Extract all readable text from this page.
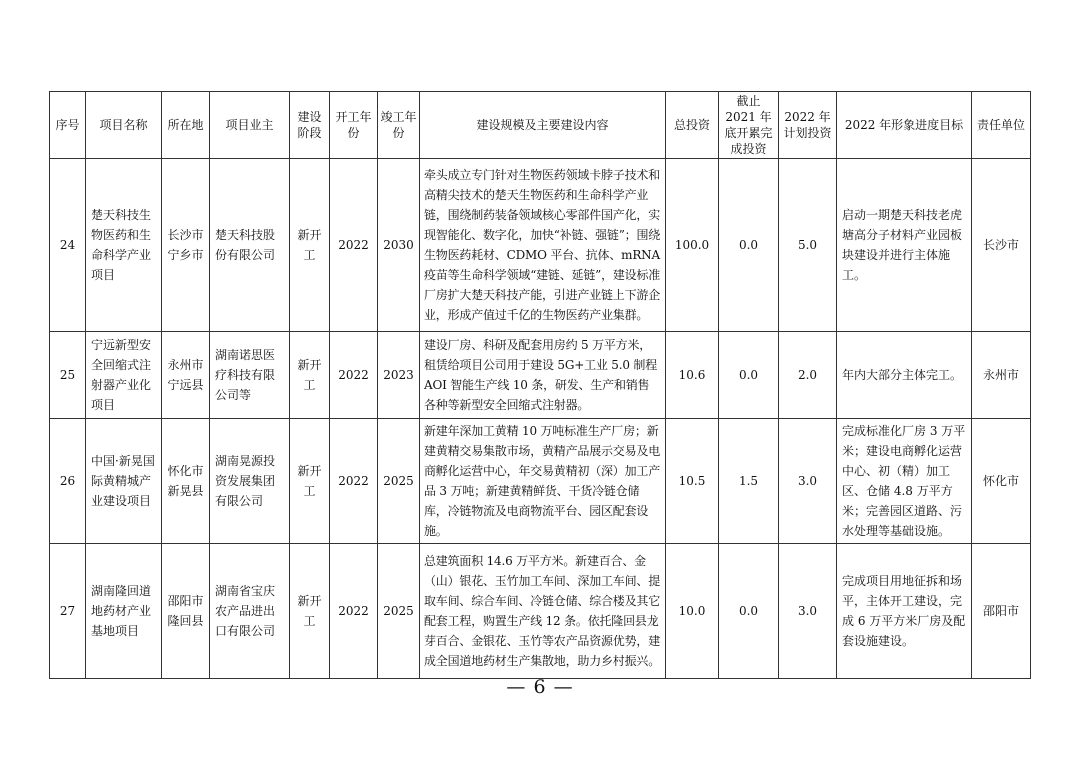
序号	项目名称	所在地	项目业主	建设阶段	开工年份	竣工年份	建设规模及主要建设内容	总投资	截止 2021 年底开累完成投资	2022 年计划投资	2022 年形象进度目标	责任单位
24	楚天科技生物医药和生命科学产业项目	长沙市宁乡市	楚天科技股份有限公司	新开工	2022	2030	牵头成立专门针对生物医药领域卡脖子技术和高精尖技术的楚天生物医药和生命科学产业链，围绕制药装备领域核心零部件国产化，实现智能化、数字化，加快“补链、强链”；围绕生物医药耗材、CDMO 平台、抗体、mRNA 疫苗等生命科学领域“建链、延链”，建设标准厂房扩大楚天科技产能，引进产业链上下游企业，形成产值过千亿的生物医药产业集群。	100.0	0.0	5.0	启动一期楚天科技老虎塘高分子材料产业园板块建设并进行主体施工。	长沙市
25	宁远新型安全回缩式注射器产业化项目	永州市宁远县	湖南诺思医疗科技有限公司等	新开工	2022	2023	建设厂房、科研及配套用房约 5 万平方米，租赁给项目公司用于建设 5G+工业 5.0 制程 AOI 智能生产线 10 条，研发、生产和销售各种等新型安全回缩式注射器。	10.6	0.0	2.0	年内大部分主体完工。	永州市
26	中国·新晃国际黄精城产业建设项目	怀化市新晃县	湖南晃源投资发展集团有限公司	新开工	2022	2025	新建年深加工黄精 10 万吨标准生产厂房；新建黄精交易集散市场，黄精产品展示交易及电商孵化运营中心，年交易黄精初（深）加工产品 3 万吨；新建黄精鲜货、干货冷链仓储库，冷链物流及电商物流平台、园区配套设施。	10.5	1.5	3.0	完成标准化厂房 3 万平米；建设电商孵化运营中心、初（精）加工区、仓储 4.8 万平方米；完善园区道路、污水处理等基础设施。	怀化市
27	湖南隆回道地药材产业基地项目	邵阳市隆回县	湖南省宝庆农产品进出口有限公司	新开工	2022	2025	总建筑面积 14.6 万平方米。新建百合、金（山）银花、玉竹加工车间、深加工车间、提取车间、综合车间、冷链仓储、综合楼及其它配套工程，购置生产线 12 条。依托隆回县龙芽百合、金银花、玉竹等农产品资源优势，建成全国道地药材生产集散地，助力乡村振兴。	10.0	0.0	3.0	完成项目用地征拆和场平，主体开工建设，完成 6 万平方米厂房及配套设施建设。	邵阳市
— 6 —
